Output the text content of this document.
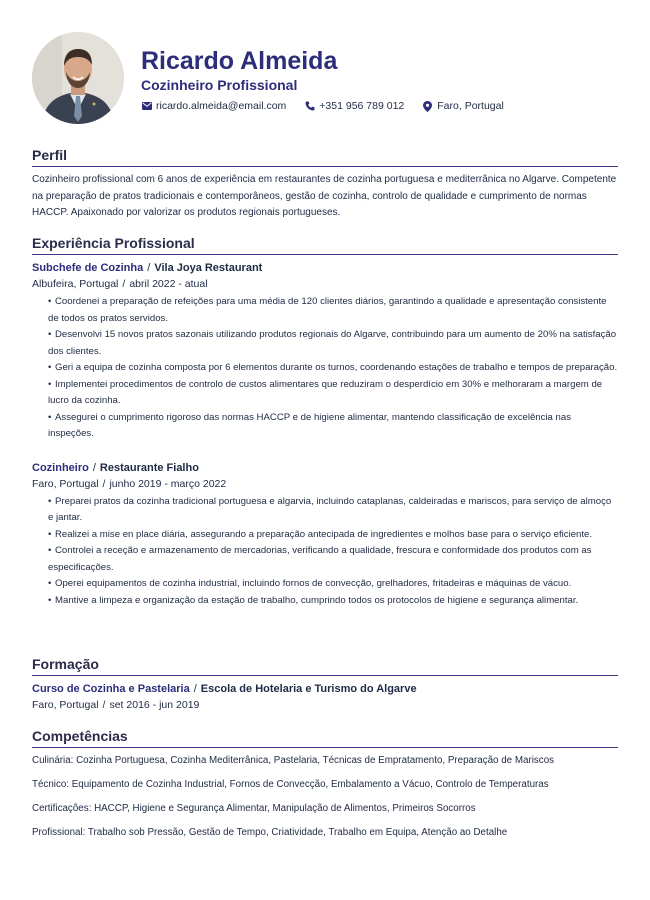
Ricardo Almeida
Cozinheiro Profissional
ricardo.almeida@email.com	+351 956 789 012	Faro, Portugal
Perfil
Cozinheiro profissional com 6 anos de experiência em restaurantes de cozinha portuguesa e mediterrânica no Algarve. Competente na preparação de pratos tradicionais e contemporâneos, gestão de cozinha, controlo de qualidade e cumprimento de normas HACCP. Apaixonado por valorizar os produtos regionais portugueses.
Experiência Profissional
Subchefe de Cozinha / Vila Joya Restaurant
Albufeira, Portugal / abril 2022 - atual
• Coordenei a preparação de refeições para uma média de 120 clientes diários, garantindo a qualidade e apresentação consistente de todos os pratos servidos.
• Desenvolvi 15 novos pratos sazonais utilizando produtos regionais do Algarve, contribuindo para um aumento de 20% na satisfação dos clientes.
• Geri a equipa de cozinha composta por 6 elementos durante os turnos, coordenando estações de trabalho e tempos de preparação.
• Implementei procedimentos de controlo de custos alimentares que reduziram o desperdício em 30% e melhoraram a margem de lucro da cozinha.
• Assegurei o cumprimento rigoroso das normas HACCP e de higiene alimentar, mantendo classificação de excelência nas inspeções.
Cozinheiro / Restaurante Fialho
Faro, Portugal / junho 2019 - março 2022
• Preparei pratos da cozinha tradicional portuguesa e algarvia, incluindo cataplanas, caldeiradas e mariscos, para serviço de almoço e jantar.
• Realizei a mise en place diária, assegurando a preparação antecipada de ingredientes e molhos base para o serviço eficiente.
• Controlei a receção e armazenamento de mercadorias, verificando a qualidade, frescura e conformidade dos produtos com as especificações.
• Operei equipamentos de cozinha industrial, incluindo fornos de convecção, grelhadores, fritadeiras e máquinas de vácuo.
• Mantive a limpeza e organização da estação de trabalho, cumprindo todos os protocolos de higiene e segurança alimentar.
Formação
Curso de Cozinha e Pastelaria / Escola de Hotelaria e Turismo do Algarve
Faro, Portugal / set 2016 - jun 2019
Competências
Culinária: Cozinha Portuguesa, Cozinha Mediterrânica, Pastelaria, Técnicas de Empratamento, Preparação de Mariscos
Técnico: Equipamento de Cozinha Industrial, Fornos de Convecção, Embalamento a Vácuo, Controlo de Temperaturas
Certificações: HACCP, Higiene e Segurança Alimentar, Manipulação de Alimentos, Primeiros Socorros
Profissional: Trabalho sob Pressão, Gestão de Tempo, Criatividade, Trabalho em Equipa, Atenção ao Detalhe
